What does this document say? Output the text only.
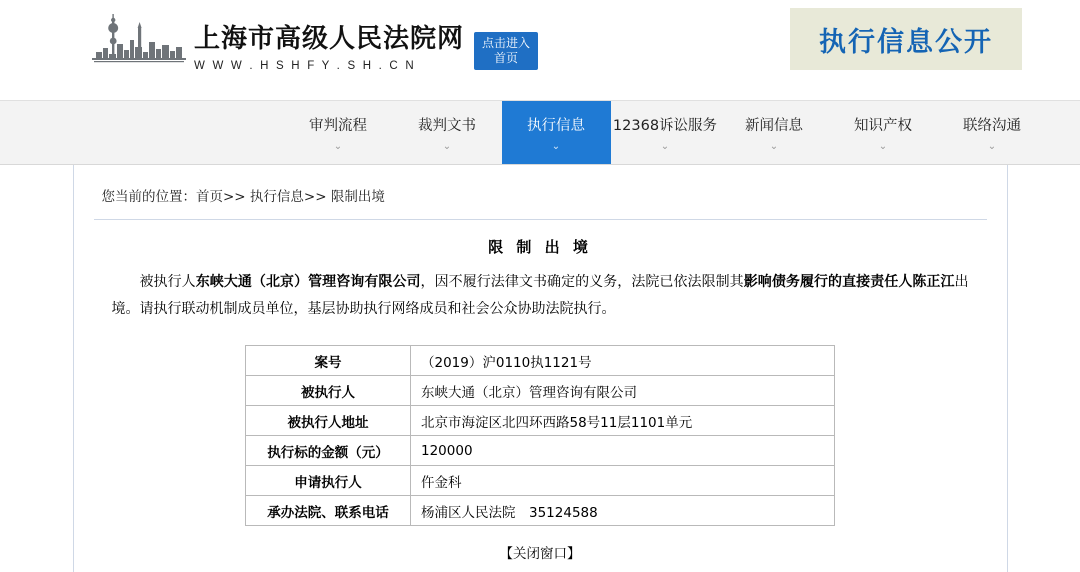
上海市高级人民法院网
W W W . H S H F Y . S H . C N
点击进入首页
执行信息公开
审判流程
⌄
裁判文书
⌄
执行信息
⌄
12368诉讼服务
⌄
新闻信息
⌄
知识产权
⌄
联络沟通
⌄
您当前的位置：首页>> 执行信息>> 限制出境
限 制 出 境
被执行人东峡大通（北京）管理咨询有限公司，因不履行法律文书确定的义务，法院已依法限制其影响债务履行的直接责任人陈正江出境。请执行联动机制成员单位，基层协助执行网络成员和社会公众协助法院执行。
案号	（2019）沪0110执1121号
被执行人	东峡大通（北京）管理咨询有限公司
被执行人地址	北京市海淀区北四环西路58号11层1101单元
执行标的金额（元）	120000
申请执行人	仵金科
承办法院、联系电话	杨浦区人民法院　35124588
【关闭窗口】
